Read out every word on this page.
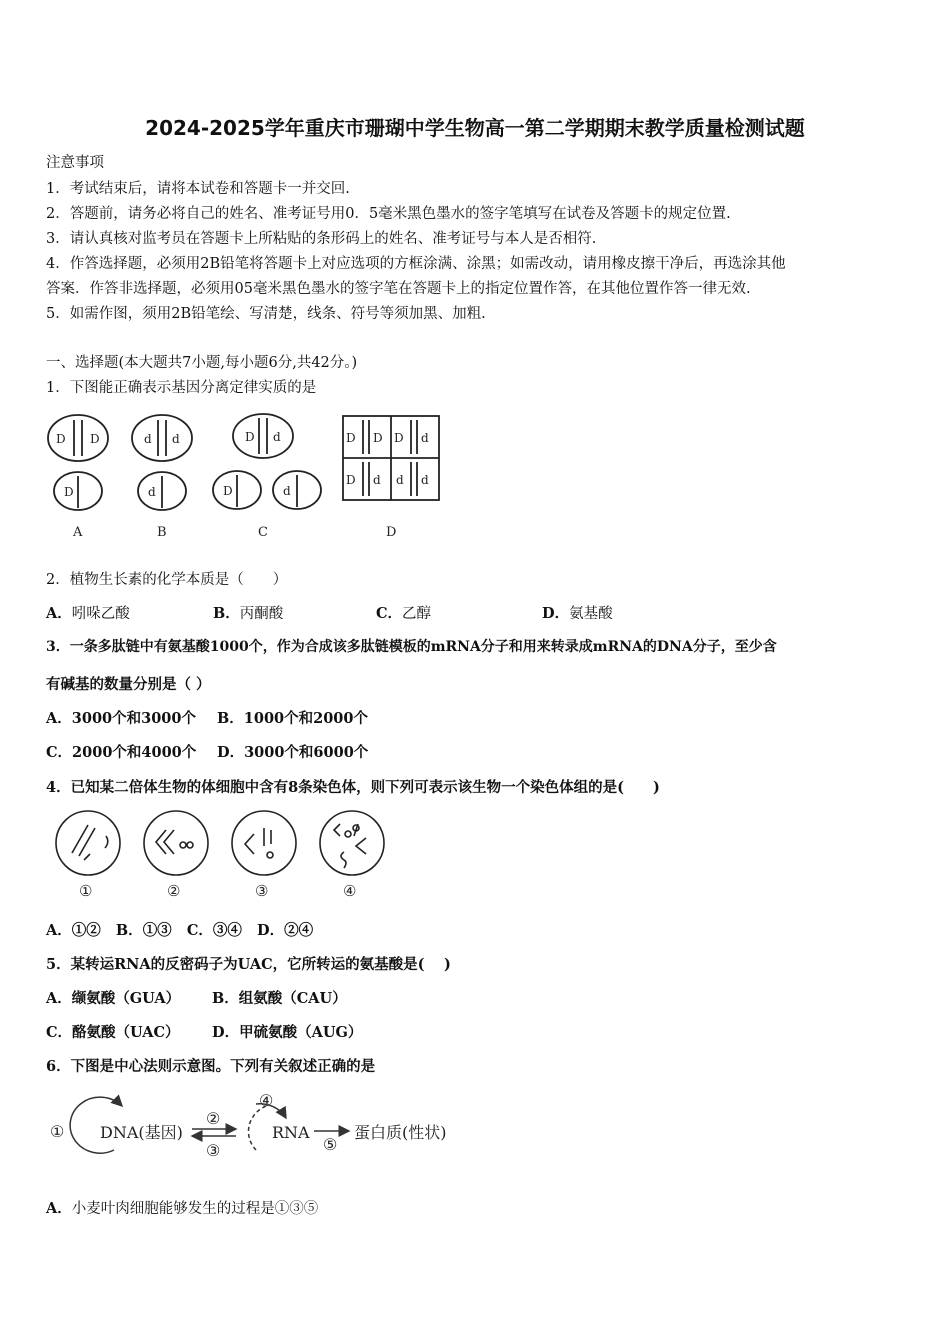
2024-2025学年重庆市珊瑚中学生物高一第二学期期末教学质量检测试题
注意事项
1．考试结束后，请将本试卷和答题卡一并交回.
2．答题前，请务必将自己的姓名、准考证号用0．5毫米黑色墨水的签字笔填写在试卷及答题卡的规定位置.
3．请认真核对监考员在答题卡上所粘贴的条形码上的姓名、准考证号与本人是否相符.
4．作答选择题，必须用2B铅笔将答题卡上对应选项的方框涂满、涂黑；如需改动，请用橡皮擦干净后，再选涂其他
答案．作答非选择题，必须用05毫米黑色墨水的签字笔在答题卡上的指定位置作答，在其他位置作答一律无效.
5．如需作图，须用2B铅笔绘、写清楚，线条、符号等须加黑、加粗.
一、选择题(本大题共7小题,每小题6分,共42分。)
1．下图能正确表示基因分离定律实质的是
D D
D
d d
d
D d
D	d
D D D d
D d d d
A	B	C	D
2．植物生长素的化学本质是（　　）
A．吲哚乙酸	B．丙酮酸	C．乙醇	D．氨基酸
3．一条多肽链中有氨基酸1000个，作为合成该多肽链模板的mRNA分子和用来转录成mRNA的DNA分子，至少含
有碱基的数量分别是（ ）
A．3000个和3000个 B．1000个和2000个
C．2000个和4000个 D．3000个和6000个
4．已知某二倍体生物的体细胞中含有8条染色体，则下列可表示该生物一个染色体组的是(　　)
①	②	③	④
A．①② B．①③ C．③④ D．②④
5．某转运RNA的反密码子为UAC，它所转运的氨基酸是(　 )
A．缬氨酸（GUA） B．组氨酸（CAU）
C．酪氨酸（UAC） D．甲硫氨酸（AUG）
6．下图是中心法则示意图。下列有关叙述正确的是
① DNA(基因)
②
③
④
RNA
⑤
蛋白质(性状)
A．小麦叶肉细胞能够发生的过程是①③⑤
